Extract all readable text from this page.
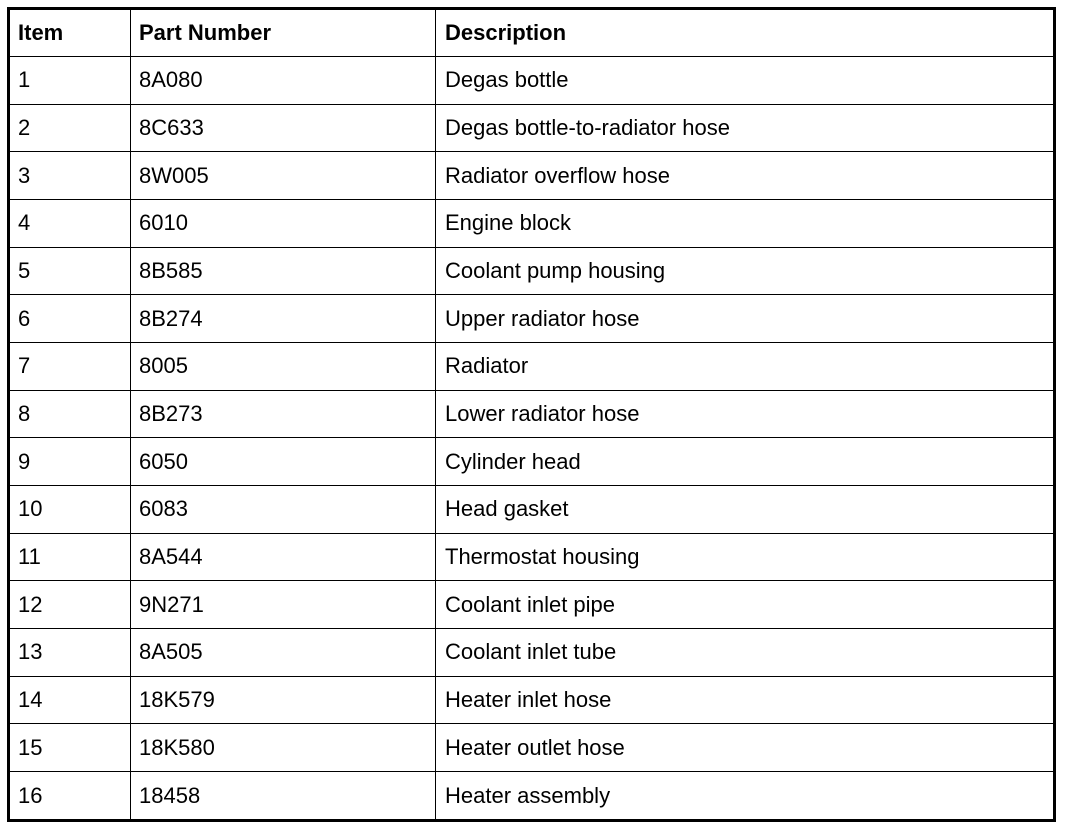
Item	Part Number	Description
1	8A080	Degas bottle
2	8C633	Degas bottle-to-radiator hose
3	8W005	Radiator overflow hose
4	6010	Engine block
5	8B585	Coolant pump housing
6	8B274	Upper radiator hose
7	8005	Radiator
8	8B273	Lower radiator hose
9	6050	Cylinder head
10	6083	Head gasket
11	8A544	Thermostat housing
12	9N271	Coolant inlet pipe
13	8A505	Coolant inlet tube
14	18K579	Heater inlet hose
15	18K580	Heater outlet hose
16	18458	Heater assembly
